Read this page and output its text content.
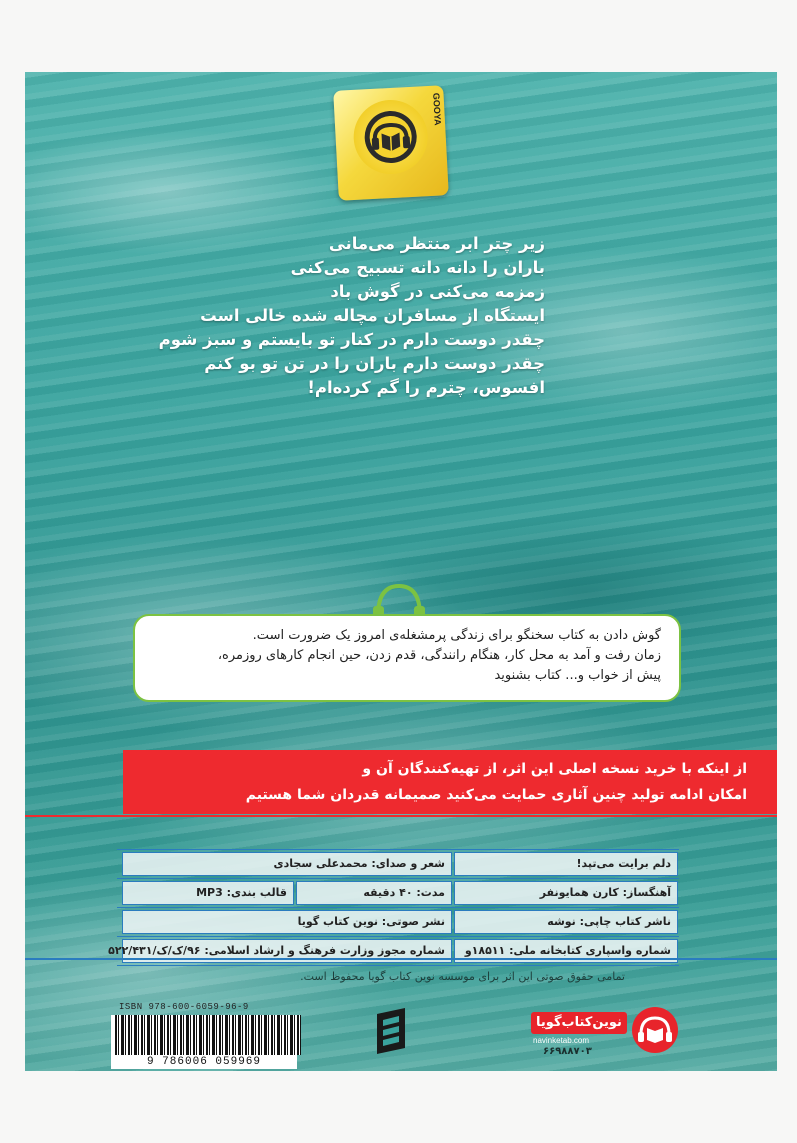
GOOYA
زیر چتر ابر منتظر می‌مانی
باران را دانه دانه تسبیح می‌کنی
زمزمه می‌کنی در گوش باد
ایستگاه از مسافران مچاله شده خالی است
چقدر دوست دارم در کنار تو بایستم و سبز شوم
چقدر دوست دارم باران را در تن تو بو کنم
افسوس، چترم را گم کرده‌ام!
گوش دادن به کتاب سخنگو برای زندگی پرمشغله‌ی امروز یک ضرورت است.
زمان رفت و آمد به محل کار، هنگام رانندگی، قدم زدن، حین انجام کارهای روزمره،
پیش از خواب و... کتاب بشنوید
از اینکه با خرید نسخه اصلی این اثر، از تهیه‌کنندگان آن و
امکان ادامه تولید چنین آثاری حمایت می‌کنید صمیمانه قدردان شما هستیم
دلم برایت می‌تپد!
شعر و صدای: محمدعلی سجادی
آهنگساز: کارن همایونفر
مدت: ۴۰ دقیقه
قالب بندی: MP3
ناشر کتاب چاپی: نوشه
نشر صوتی: نوین کتاب گویا
شماره واسپاری کتابخانه ملی: ۱۸۵۱۱و
شماره مجوز وزارت فرهنگ و ارشاد اسلامی: ۹۶/ک/ک/۵۲۲/۴۳۱
تمامی حقوق صوتی این اثر برای موسسه نوین کتاب گویا محفوظ است.
ISBN 978-600-6059-96-9
9 786006 059969
نوین‌کتاب‌گویا
navinketab.com
۶۶۹۸۸۷۰۳
